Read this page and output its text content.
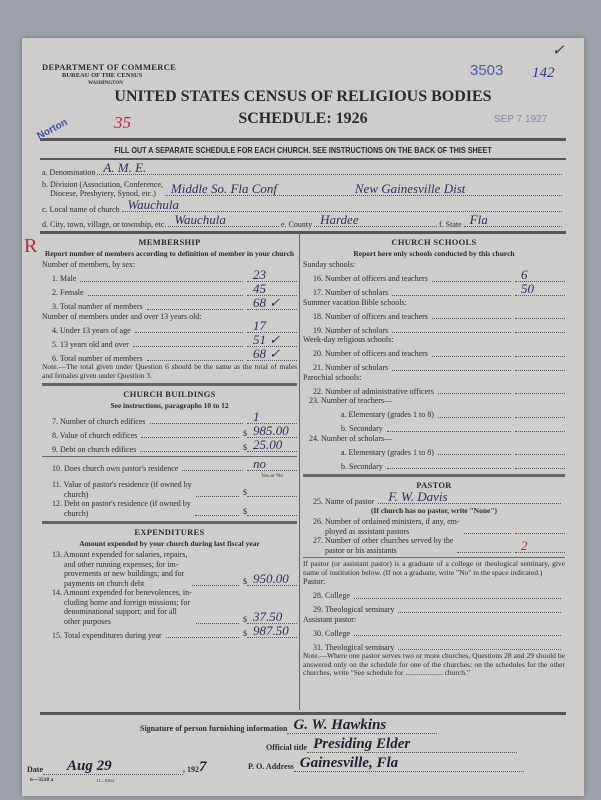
DEPARTMENT OF COMMERCE
BUREAU OF THE CENSUS
WASHINGTON
UNITED STATES CENSUS OF RELIGIOUS BODIES
SCHEDULE: 1926
3503 142
✓
SEP 7 1927
Norton	35
R
FILL OUT A SEPARATE SCHEDULE FOR EACH CHURCH. SEE INSTRUCTIONS ON THE BACK OF THIS SHEET
a. Denomination A. M. E.
b. Division (Association, Conference,
Diocese, Presbytery, Synod, etc.)	Middle So. Fla Conf	New Gainesville Dist
c. Local name of church Wauchula
d. City, town, village, or township, etc. Wauchula	e. County Hardee	f. State Fla
MEMBERSHIP
Report number of members according to definition of member in your church
Number of members, by sex:
1. Male	23
2. Female	45
3. Total number of members	68 ✓
Number of members under and over 13 years old:
4. Under 13 years of age	17
5. 13 years old and over	51 ✓
6. Total number of members	68 ✓
Note.—The total given under Question 6 should be the same as the total of males and females given under Question 3.
CHURCH BUILDINGS
See instructions, paragraphs 10 to 12
7. Number of church edifices	1
8. Value of church edifices	$ 985.00
9. Debt on church edifices	$ 25.00
10. Does church own pastor's residence	no
Yes or No
11. Value of pastor's residence (if owned by
church)	$
12. Debt on pastor's residence (if owned by
church)	$
EXPENDITURES
Amount expended by your church during last fiscal year
13. Amount expended for salaries, repairs,
and other running expenses; for im-
provements or new buildings; and for
payments on church debt	$ 950.00
14. Amount expended for benevolences, in-
cluding home and foreign missions; for
denominational support; and for all
other purposes	$ 37.50
15. Total expenditures during year	$ 987.50
CHURCH SCHOOLS
Report here only schools conducted by this church
Sunday schools:
16. Number of officers and teachers	6
17. Number of scholars	50
Summer vacation Bible schools:
18. Number of officers and teachers
19. Number of scholars
Week-day religious schools:
20. Number of officers and teachers
21. Number of scholars
Parochial schools:
22. Number of administrative officers
23. Number of teachers—
a. Elementary (grades 1 to 8)
b. Secondary
24. Number of scholars—
a. Elementary (grades 1 to 8)
b. Secondary
PASTOR
25. Name of pastor F. W. Davis
(If church has no pastor, write "None")
26. Number of ordained ministers, if any, em-
ployed as assistant pastors
27. Number of other churches served by the
pastor or his assistants	2
If pastor (or assistant pastor) is a graduate of a college or theological seminary, give name of institution below. (If not a graduate, write "No" in the space indicated.)
Pastor:
28. College
29. Theological seminary
Assistant pastor:
30. College
31. Theological seminary
Note.—Where one pastor serves two or more churches, Questions 28 and 29 should be answered only on the schedule for one of the churches; on the schedules for the other churches, write "See schedule for .................... church."
Signature of person furnishing information G. W. Hawkins
Official title Presiding Elder
P. O. Address Gainesville, Fla
Date Aug 29	, 192 7
6—3518 a	11—9264
